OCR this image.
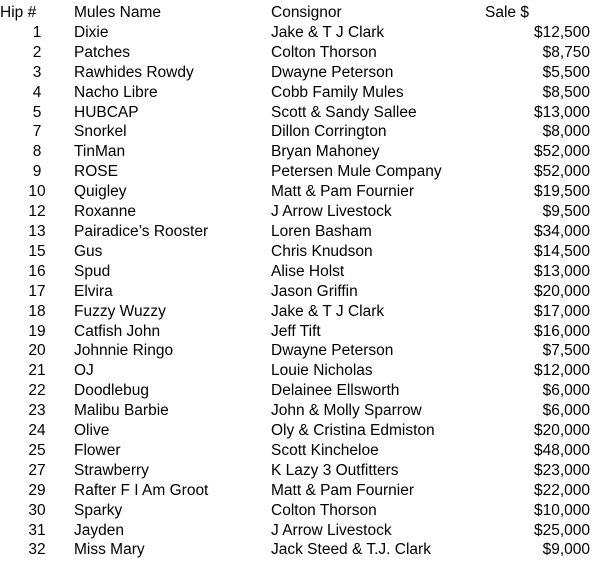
Hip #	Mules Name	Consignor	Sale $
1	Dixie	Jake & T J Clark	$12,500
2	Patches	Colton Thorson	$8,750
3	Rawhides Rowdy	Dwayne Peterson	$5,500
4	Nacho Libre	Cobb Family Mules	$8,500
5	HUBCAP	Scott & Sandy Sallee	$13,000
7	Snorkel	Dillon Corrington	$8,000
8	TinMan	Bryan Mahoney	$52,000
9	ROSE	Petersen Mule Company	$52,000
10	Quigley	Matt & Pam Fournier	$19,500
12	Roxanne	J Arrow Livestock	$9,500
13	Pairadice’s Rooster	Loren Basham	$34,000
15	Gus	Chris Knudson	$14,500
16	Spud	Alise Holst	$13,000
17	Elvira	Jason Griffin	$20,000
18	Fuzzy Wuzzy	Jake & T J Clark	$17,000
19	Catfish John	Jeff Tift	$16,000
20	Johnnie Ringo	Dwayne Peterson	$7,500
21	OJ	Louie Nicholas	$12,000
22	Doodlebug	Delainee Ellsworth	$6,000
23	Malibu Barbie	John & Molly Sparrow	$6,000
24	Olive	Oly & Cristina Edmiston	$20,000
25	Flower	Scott Kincheloe	$48,000
27	Strawberry	K Lazy 3 Outfitters	$23,000
29	Rafter F I Am Groot	Matt & Pam Fournier	$22,000
30	Sparky	Colton Thorson	$10,000
31	Jayden	J Arrow Livestock	$25,000
32	Miss Mary	Jack Steed & T.J. Clark	$9,000
